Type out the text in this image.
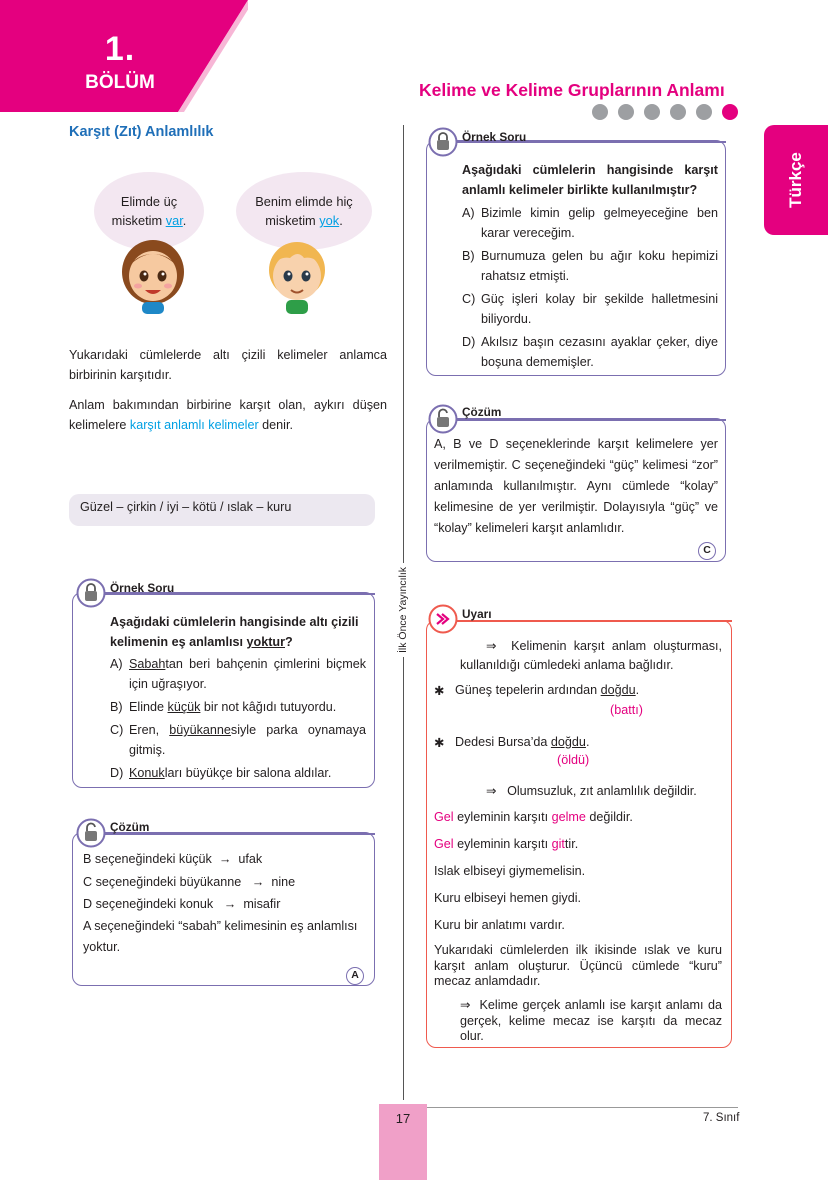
1.
BÖLÜM	Kelime ve Kelime Gruplarının Anlamı
Türkçe
Karşıt (Zıt) Anlamlılık
Elimde üç
misketim var.
Benim elimde hiç
misketim yok.
Yukarıdaki cümlelerde altı çizili kelimeler anlamca birbirinin karşıtıdır.
Anlam bakımından birbirine karşıt olan, aykırı düşen kelimelere karşıt anlamlı kelimeler denir.
Güzel – çirkin / iyi – kötü / ıslak – kuru
Örnek Soru
Aşağıdaki cümlelerin hangisinde altı çizili kelimenin eş anlamlısı yoktur?
A) Sabahtan beri bahçenin çimlerini biçmek için uğraşıyor.
B) Elinde küçük bir not kâğıdı tutuyordu.
C) Eren, büyükannesiyle parka oynamaya gitmiş.
D) Konukları büyükçe bir salona aldılar.
Çözüm
B seçeneğindeki küçük → ufak
C seçeneğindeki büyükanne → nine
D seçeneğindeki konuk → misafir
A seçeneğindeki “sabah” kelimesinin eş anlamlısı yoktur.
A
İlk Önce Yayıncılık
Örnek Soru
Aşağıdaki cümlelerin hangisinde karşıt anlamlı kelimeler birlikte kullanılmıştır?
A) Bizimle kimin gelip gelmeyeceğine ben karar vereceğim.
B) Burnumuza gelen bu ağır koku hepimizi rahatsız etmişti.
C) Güç işleri kolay bir şekilde halletmesini biliyordu.
D) Akılsız başın cezasını ayaklar çeker, diye boşuna dememişler.
Çözüm
A, B ve D seçeneklerinde karşıt kelimelere yer verilmemiştir. C seçeneğindeki “güç” kelimesi “zor” anlamında kullanılmıştır. Aynı cümlede “kolay” kelimesine de yer verilmiştir. Dolayısıyla “güç” ve “kolay” kelimeleri karşıt anlamlıdır.
C
Uyarı
⇒ Kelimenin karşıt anlam oluşturması, kullanıldığı cümledeki anlama bağlıdır.
✱ Güneş tepelerin ardından doğdu.
(battı)
✱ Dedesi Bursa’da doğdu.
(öldü)
⇒ Olumsuzluk, zıt anlamlılık değildir.
Gel eyleminin karşıtı gelme değildir.
Gel eyleminin karşıtı gittir.
Islak elbiseyi giymemelisin.
Kuru elbiseyi hemen giydi.
Kuru bir anlatımı vardır.
Yukarıdaki cümlelerden ilk ikisinde ıslak ve kuru karşıt anlam oluşturur. Üçüncü cümlede “kuru” mecaz anlamdadır.
⇒ Kelime gerçek anlamlı ise karşıt anlamı da gerçek, kelime mecaz ise karşıtı da mecaz olur.
17	7. Sınıf
